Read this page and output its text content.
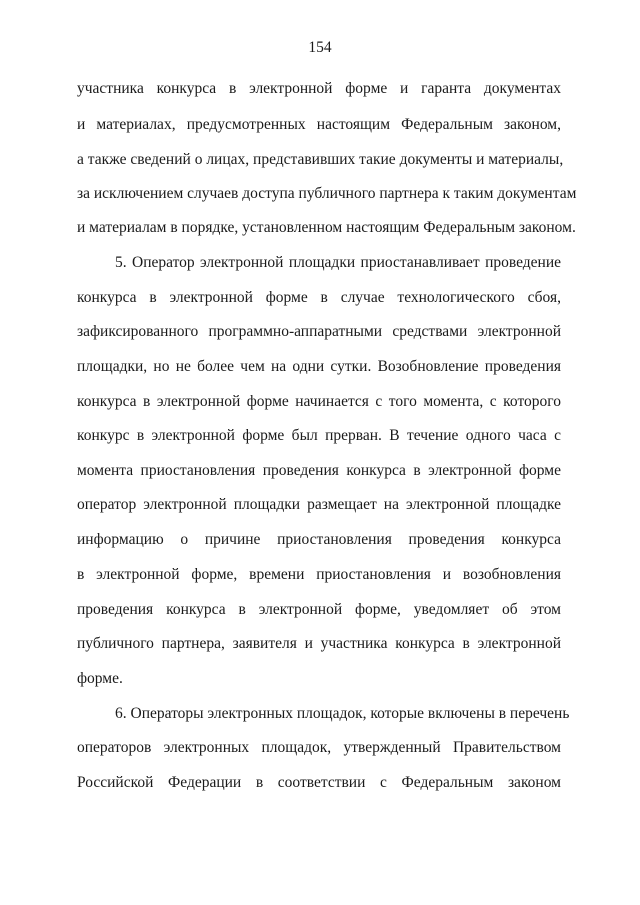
154
участника конкурса в электронной форме и гаранта документах
и материалах, предусмотренных настоящим Федеральным законом,
а также сведений о лицах, представивших такие документы и материалы,
за исключением случаев доступа публичного партнера к таким документам
и материалам в порядке, установленном настоящим Федеральным законом.
5. Оператор электронной площадки приостанавливает проведение
конкурса в электронной форме в случае технологического сбоя,
зафиксированного программно-аппаратными средствами электронной
площадки, но не более чем на одни сутки. Возобновление проведения
конкурса в электронной форме начинается с того момента, с которого
конкурс в электронной форме был прерван. В течение одного часа с
момента приостановления проведения конкурса в электронной форме
оператор электронной площадки размещает на электронной площадке
информацию о причине приостановления проведения конкурса
в электронной форме, времени приостановления и возобновления
проведения конкурса в электронной форме, уведомляет об этом
публичного партнера, заявителя и участника конкурса в электронной
форме.
6. Операторы электронных площадок, которые включены в перечень
операторов электронных площадок, утвержденный Правительством
Российской Федерации в соответствии с Федеральным законом
